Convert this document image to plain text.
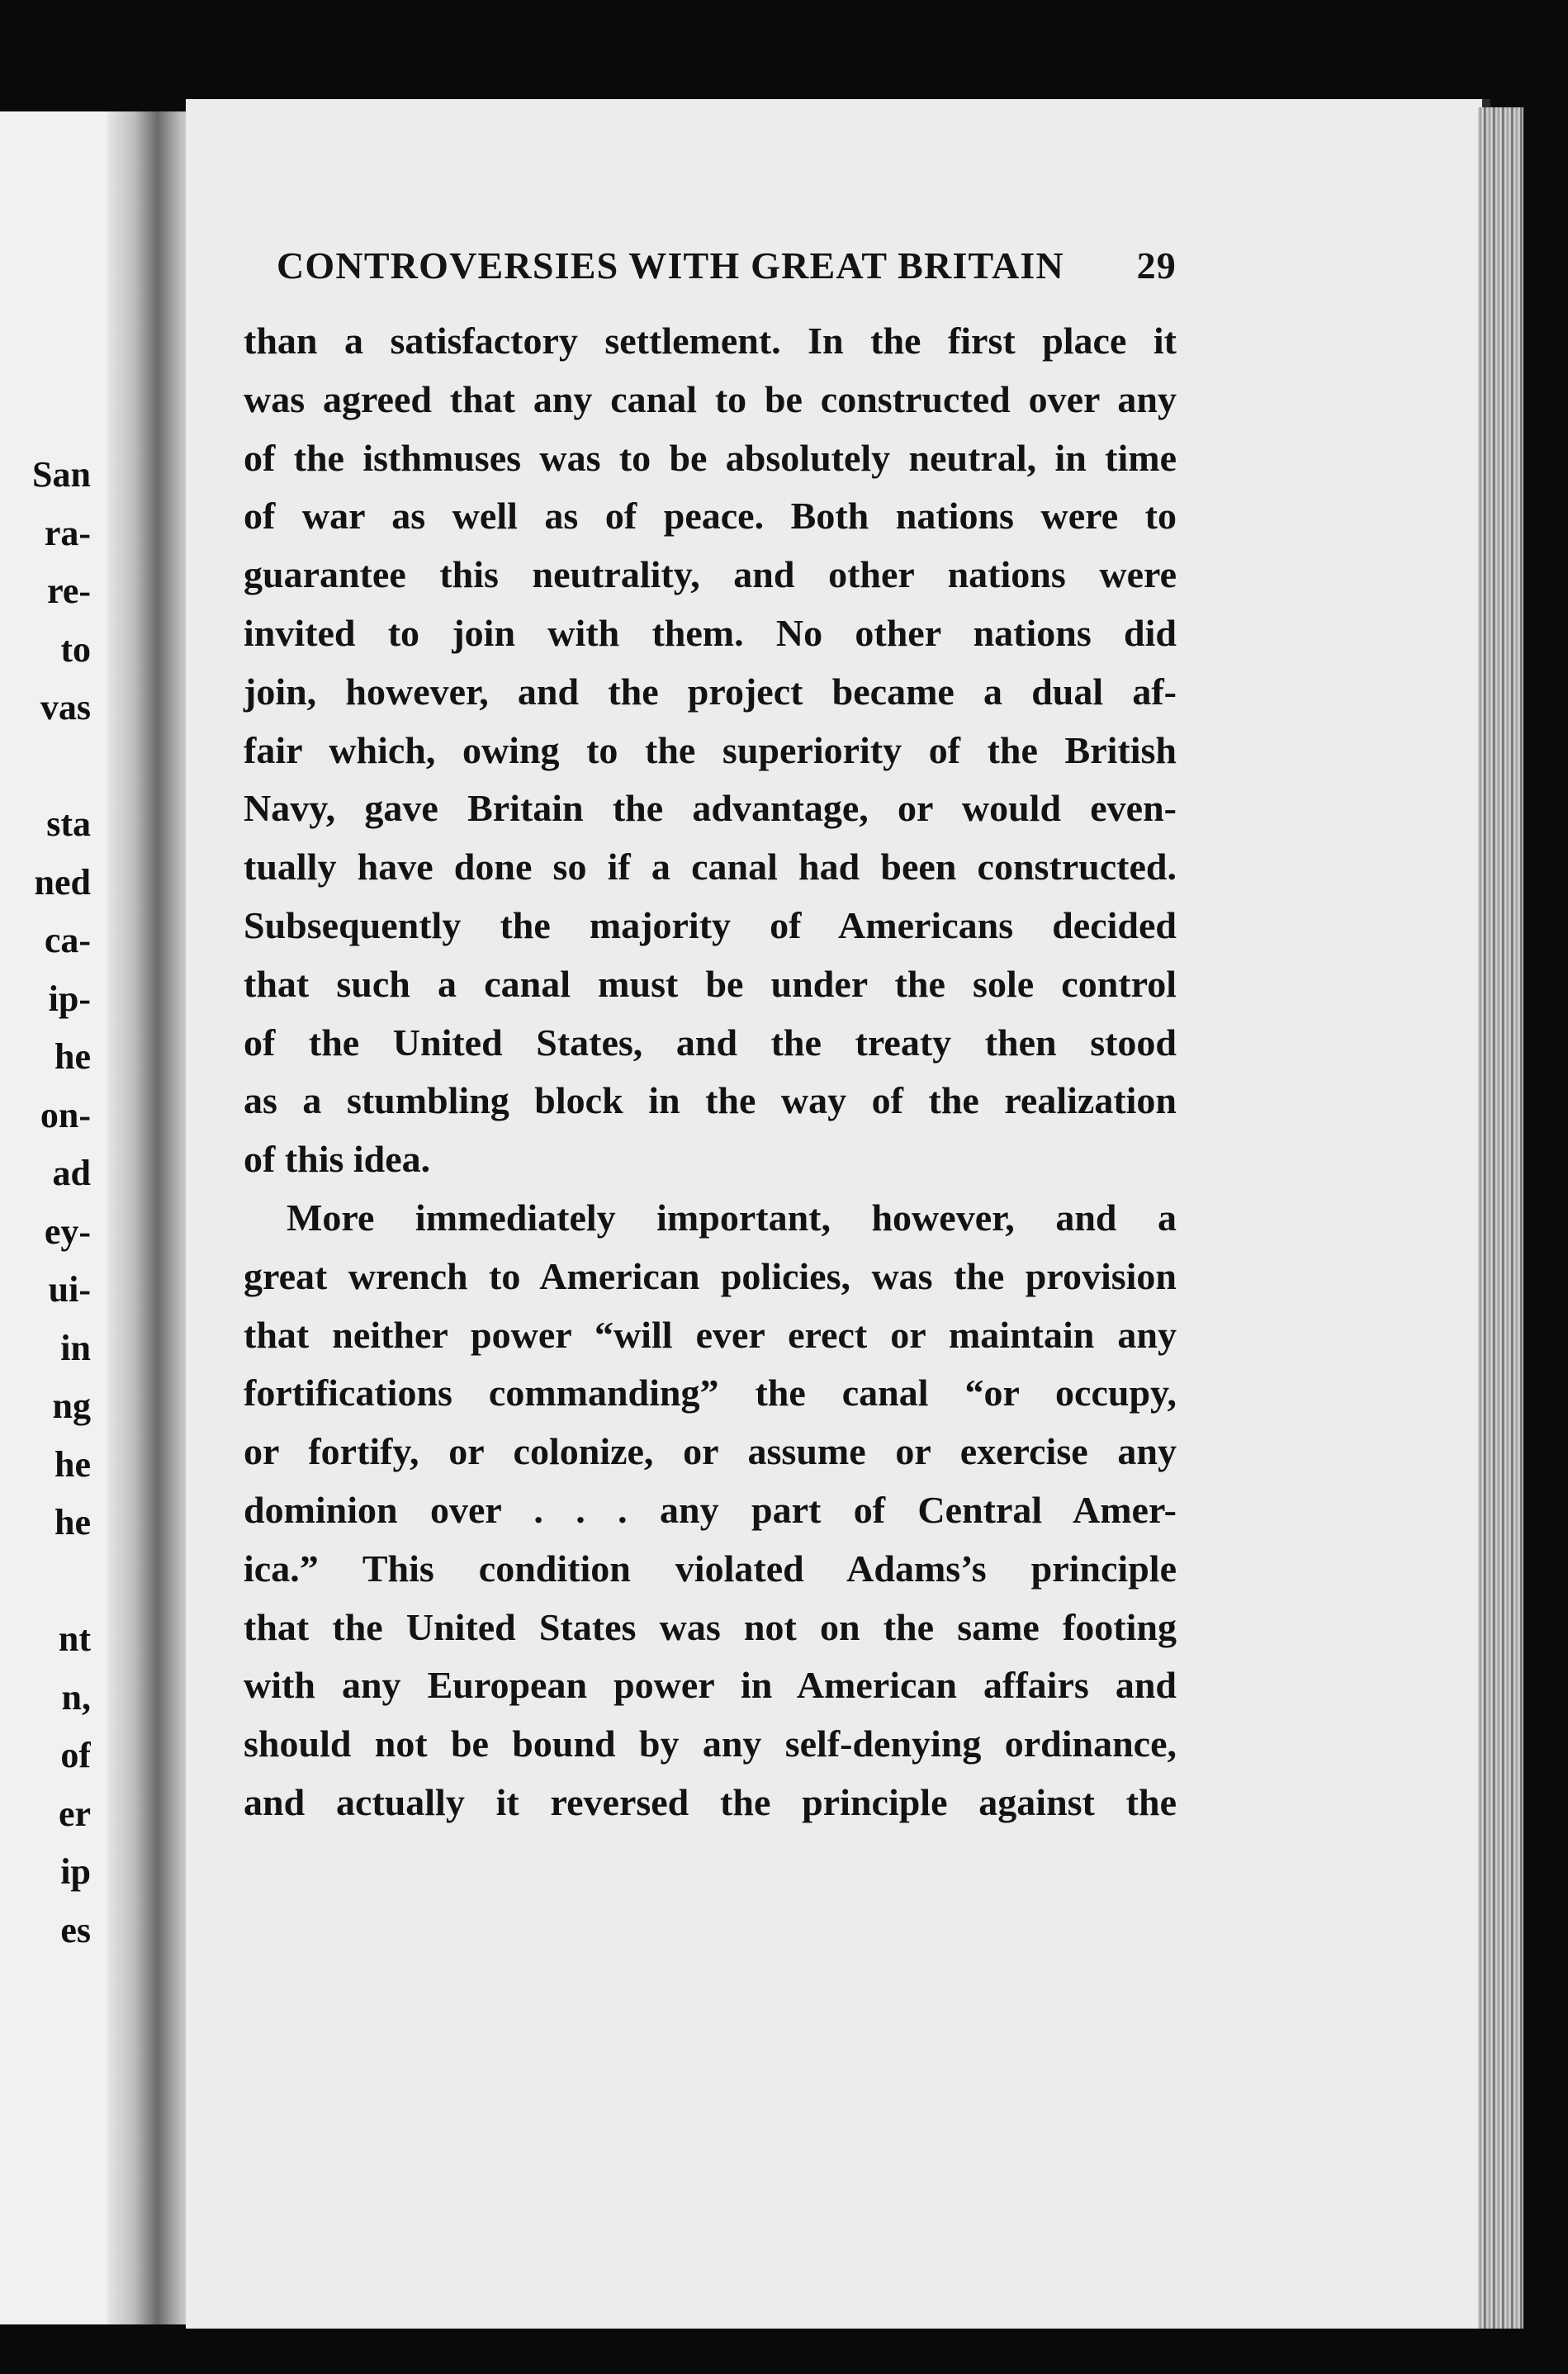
San
ra-
re-
to
vas
sta
ned
ca-
ip-
he
on-
ad
ey-
ui-
in
ng
he
he
nt
n,
of
er
ip
es
CONTROVERSIES WITH GREAT BRITAIN 29
than a satisfactory settlement. In the first place it
was agreed that any canal to be constructed over any
of the isthmuses was to be absolutely neutral, in time
of war as well as of peace. Both nations were to
guarantee this neutrality, and other nations were
invited to join with them. No other nations did
join, however, and the project became a dual af-
fair which, owing to the superiority of the British
Navy, gave Britain the advantage, or would even-
tually have done so if a canal had been constructed.
Subsequently the majority of Americans decided
that such a canal must be under the sole control
of the United States, and the treaty then stood
as a stumbling block in the way of the realization
of this idea.
More immediately important, however, and a
great wrench to American policies, was the provision
that neither power “will ever erect or maintain any
fortifications commanding” the canal “or occupy,
or fortify, or colonize, or assume or exercise any
dominion over . . . any part of Central Amer-
ica.” This condition violated Adams’s principle
that the United States was not on the same footing
with any European power in American affairs and
should not be bound by any self-denying ordinance,
and actually it reversed the principle against the
